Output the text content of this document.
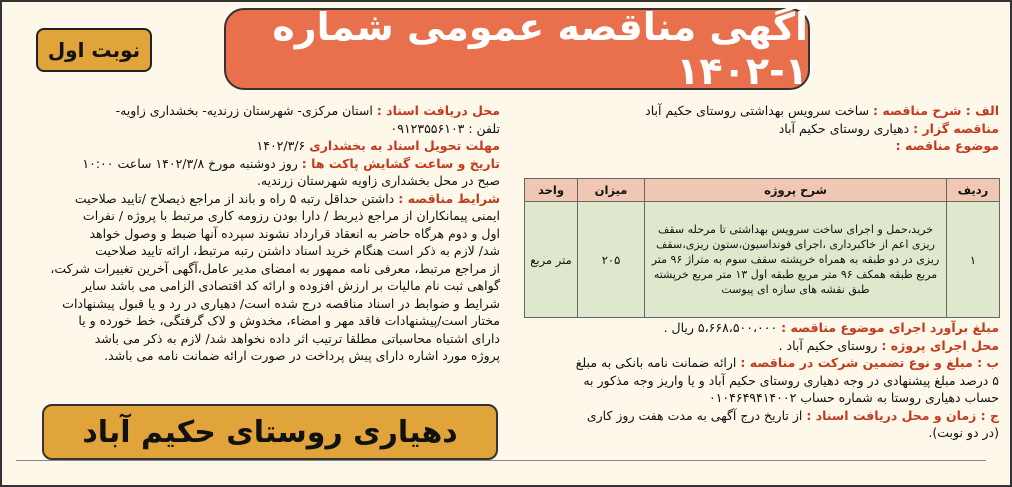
نوبت اول
آگهی مناقصه عمومی شماره ۱-۱۴۰۲
الف : شرح مناقصه : ساخت سرویس بهداشتی روستای حکیم آباد
مناقصه گزار : دهیاری روستای حکیم آباد
موضوع مناقصه :
ردیف	شرح پروژه	میزان	واحد
۱	خرید،حمل و اجرای ساخت سرویس بهداشتی تا مرحله سقف ریزی اعم از خاکبرداری ،اجرای فونداسیون،ستون ریزی،سقف ریزی در دو طبقه به همراه خرپشته سقف سوم به متراژ ۹۶ متر مربع طبقه همکف ۹۶ متر مربع طبقه اول ۱۳ متر مربع خرپشته طبق نقشه های سازه ای پیوست	۲۰۵	متر مربع
مبلغ برآورد اجرای موضوع مناقصه : ۵،۶۶۸،۵۰۰،۰۰۰ ریال .
محل اجرای پروژه : روستای حکیم آباد .
ب : مبلغ و نوع تضمین شرکت در مناقصه : ارائه ضمانت نامه بانکی به مبلغ
۵ درصد مبلغ پیشنهادی در وجه دهیاری روستای حکیم آباد و یا واریز وجه مذکور به
حساب دهیاری روستا به شماره حساب ۰۱۰۴۶۴۹۴۱۴۰۰۲
ج : زمان و محل دریافت اسناد : از تاریخ درج آگهی به مدت هفت روز کاری
(در دو نوبت).
محل دریافت اسناد : استان مرکزی- شهرستان زرندیه- بخشداری زاویه-
تلفن : ۰۹۱۲۳۵۵۶۱۰۳
مهلت تحویل اسناد به بخشداری ۱۴۰۲/۳/۶
تاریخ و ساعت گشایش پاکت ها : روز دوشنبه مورخ ۱۴۰۲/۳/۸ ساعت ۱۰:۰۰
صبح در محل بخشداری زاویه شهرستان زرندیه.
شرایط مناقصه : داشتن حداقل رتبه ۵ راه و باند از مراجع ذیصلاح /تایید صلاحیت
ایمنی پیمانکاران از مراجع ذیربط / دارا بودن رزومه کاری مرتبط با پروژه / نفرات
اول و دوم هرگاه حاضر به انعقاد قرارداد نشوند سپرده آنها ضبط و وصول خواهد
شد/ لازم به ذکر است هنگام خرید اسناد داشتن رتبه مرتبط، ارائه تایید صلاحیت
از مراجع مرتبط، معرفی نامه ممهور به امضای مدیر عامل،آگهی آخرین تغییرات شرکت،
گواهی ثبت نام مالیات بر ارزش افزوده و ارائه کد اقتصادی الزامی می باشد سایر
شرایط و ضوابط در اسناد مناقصه درج شده است/ دهیاری در رد و یا قبول پیشنهادات
مختار است/پیشنهادات فاقد مهر و امضاء، مخدوش و لاک گرفتگی، خط خورده و یا
دارای اشتباه محاسباتی مطلقا ترتیب اثر داده نخواهد شد/ لازم به ذکر می باشد
پروژه مورد اشاره دارای پیش پرداخت در صورت ارائه ضمانت نامه می باشد.
دهیاری روستای حکیم آباد
